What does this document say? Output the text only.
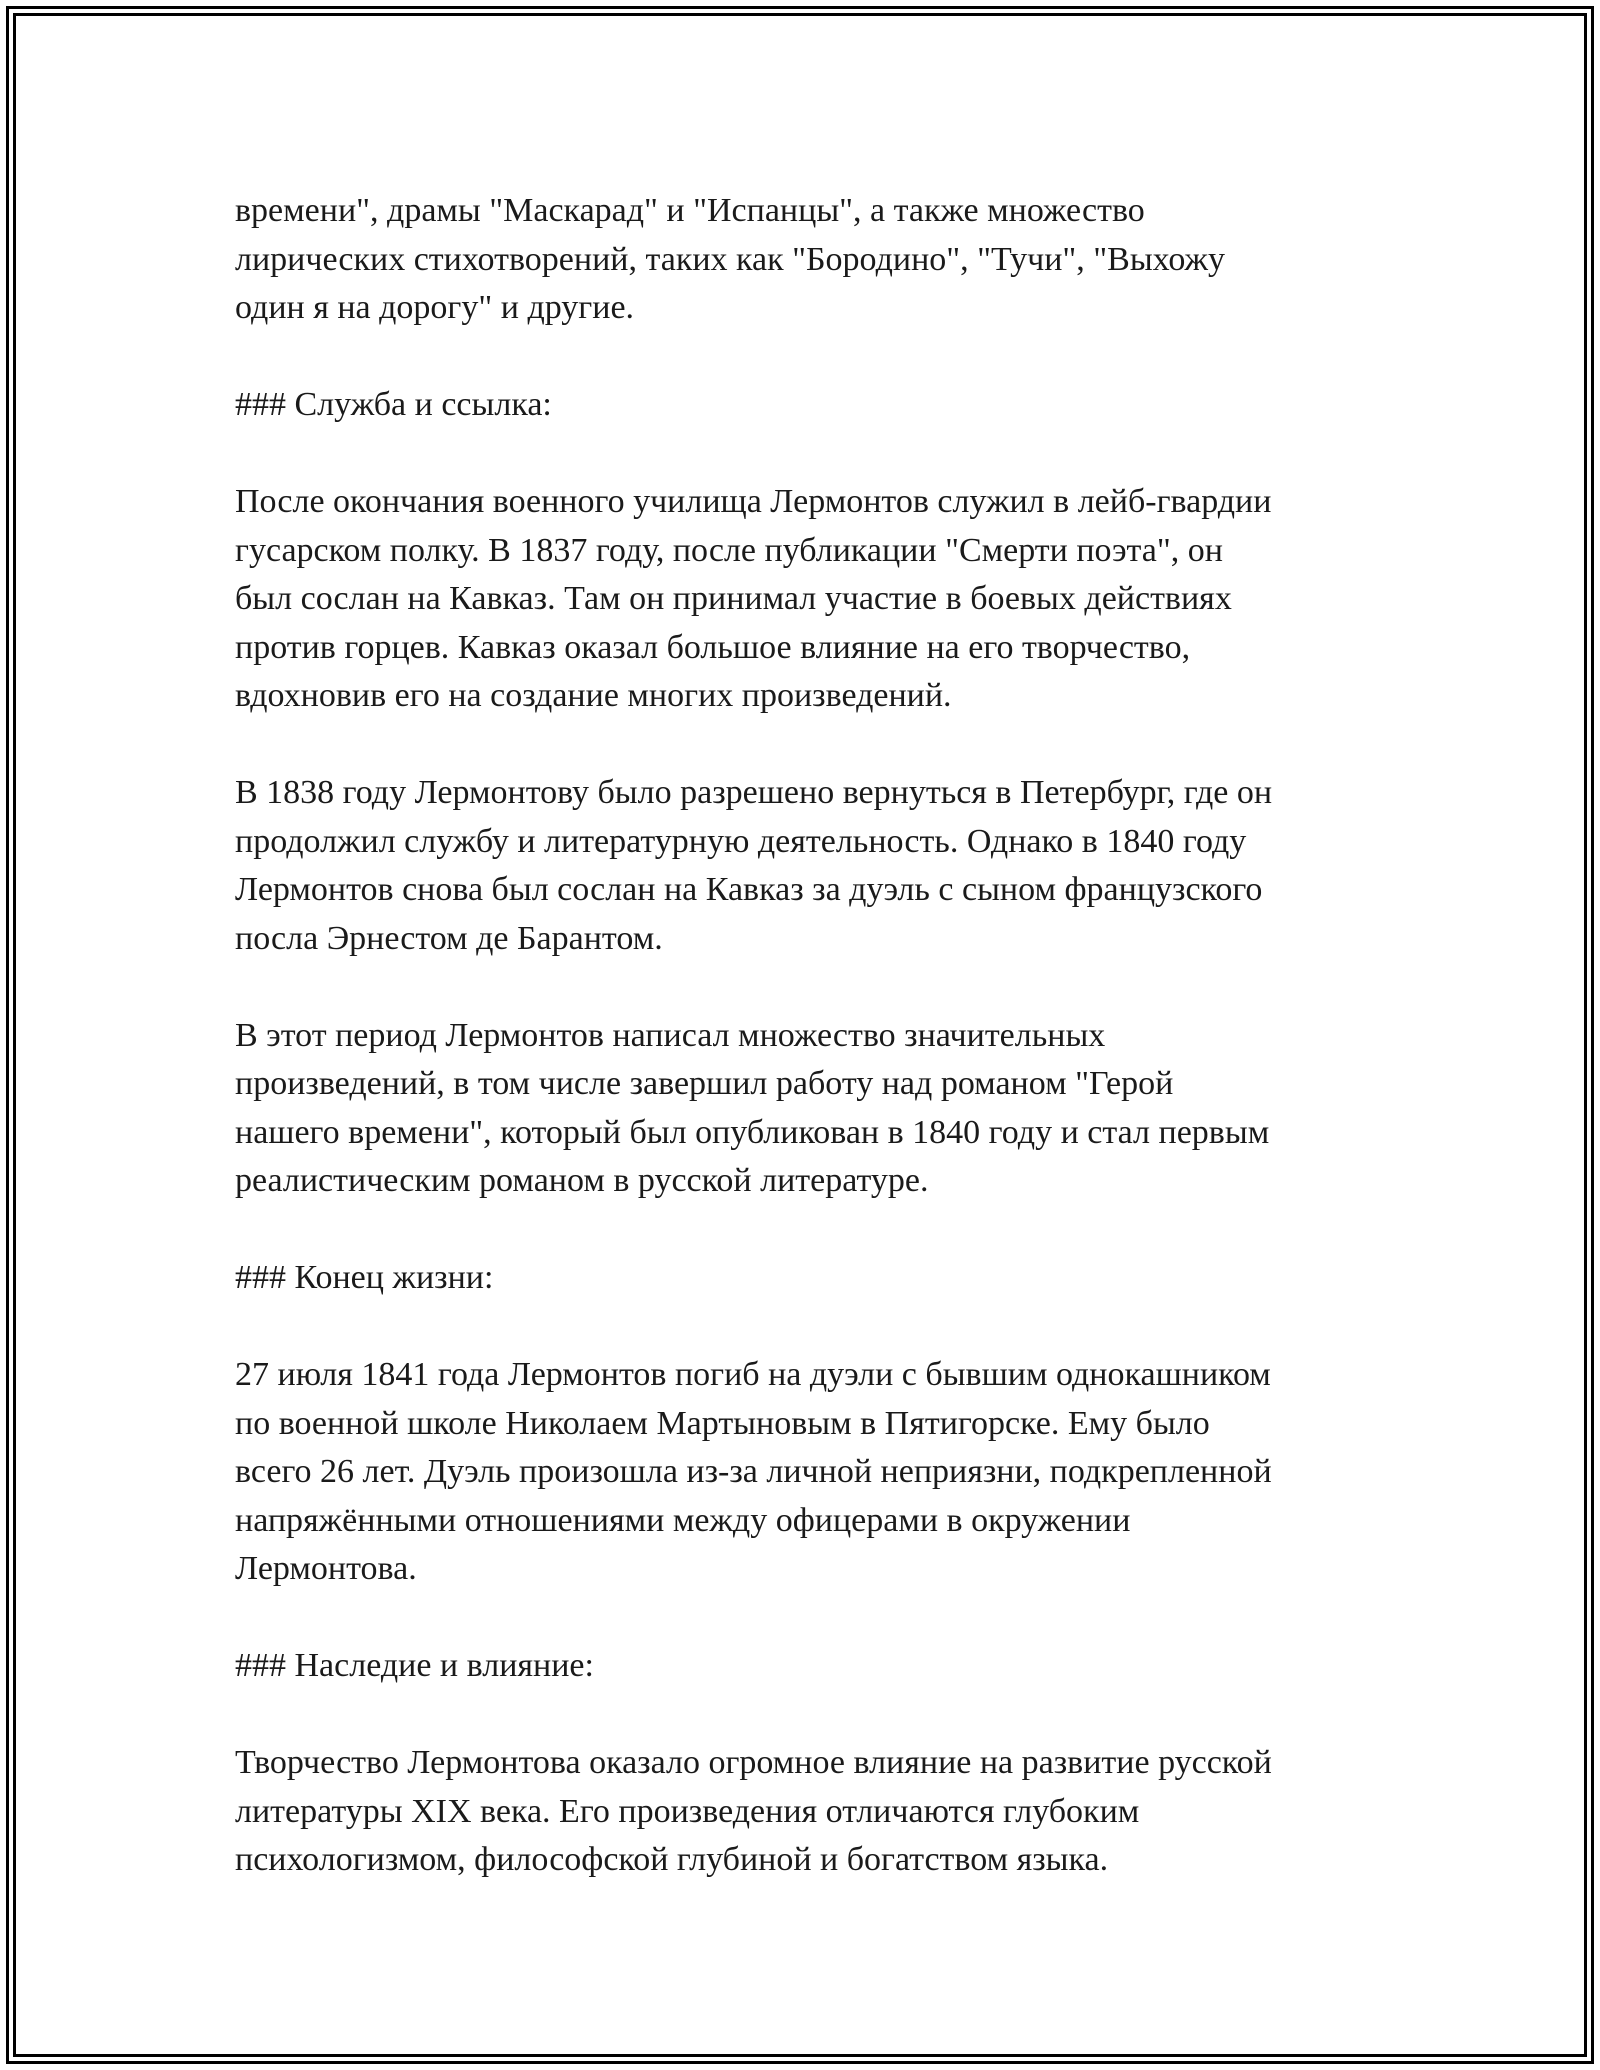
времени", драмы "Маскарад" и "Испанцы", а также множество
лирических стихотворений, таких как "Бородино", "Тучи", "Выхожу
один я на дорогу" и другие.
### Служба и ссылка:
После окончания военного училища Лермонтов служил в лейб-гвардии
гусарском полку. В 1837 году, после публикации "Смерти поэта", он
был сослан на Кавказ. Там он принимал участие в боевых действиях
против горцев. Кавказ оказал большое влияние на его творчество,
вдохновив его на создание многих произведений.
В 1838 году Лермонтову было разрешено вернуться в Петербург, где он
продолжил службу и литературную деятельность. Однако в 1840 году
Лермонтов снова был сослан на Кавказ за дуэль с сыном французского
посла Эрнестом де Барантом.
В этот период Лермонтов написал множество значительных
произведений, в том числе завершил работу над романом "Герой
нашего времени", который был опубликован в 1840 году и стал первым
реалистическим романом в русской литературе.
### Конец жизни:
27 июля 1841 года Лермонтов погиб на дуэли с бывшим однокашником
по военной школе Николаем Мартыновым в Пятигорске. Ему было
всего 26 лет. Дуэль произошла из-за личной неприязни, подкрепленной
напряжёнными отношениями между офицерами в окружении
Лермонтова.
### Наследие и влияние:
Творчество Лермонтова оказало огромное влияние на развитие русской
литературы XIX века. Его произведения отличаются глубоким
психологизмом, философской глубиной и богатством языка.
